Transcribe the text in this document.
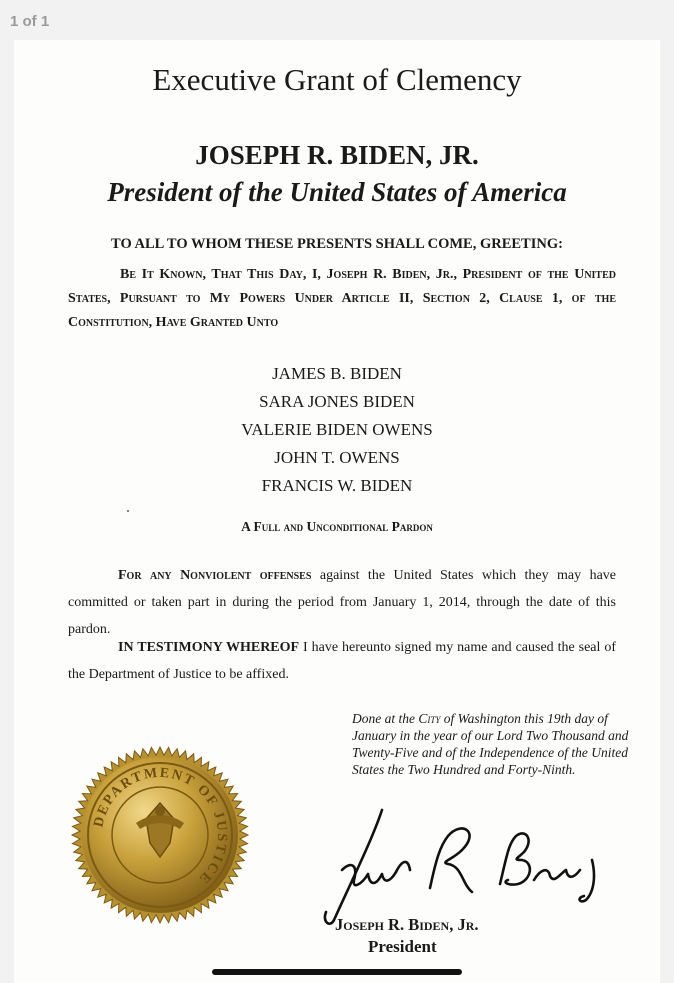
1 of 1
Executive Grant of Clemency
JOSEPH R. BIDEN, JR.
President of the United States of America
TO ALL TO WHOM THESE PRESENTS SHALL COME, GREETING:
Be It Known, That This Day, I, Joseph R. Biden, Jr., President of the United States, Pursuant to My Powers Under Article II, Section 2, Clause 1, of the Constitution, Have Granted Unto
JAMES B. BIDEN
SARA JONES BIDEN
VALERIE BIDEN OWENS
JOHN T. OWENS
FRANCIS W. BIDEN
A Full and Unconditional Pardon
For any Nonviolent offenses against the United States which they may have committed or taken part in during the period from January 1, 2014, through the date of this pardon.
IN TESTIMONY WHEREOF I have hereunto signed my name and caused the seal of the Department of Justice to be affixed.
Done at the City of Washington this 19th day of January in the year of our Lord Two Thousand and Twenty-Five and of the Independence of the United States the Two Hundred and Forty-Ninth.
DEPARTMENT OF JUSTICE
Joseph R. Biden, Jr.
President
